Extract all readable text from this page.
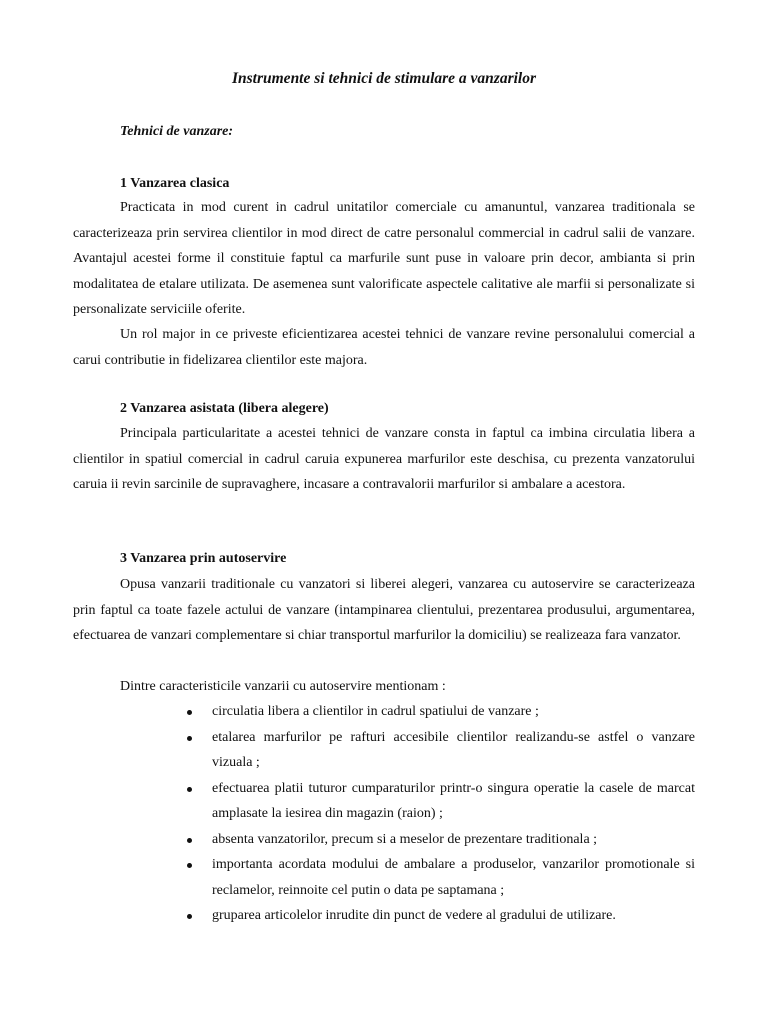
Instrumente si tehnici de stimulare a vanzarilor
Tehnici de vanzare:
1 Vanzarea clasica

Practicata in mod curent in cadrul unitatilor comerciale cu amanuntul, vanzarea traditionala se caracterizeaza prin servirea clientilor in mod direct de catre personalul commercial in cadrul salii de vanzare. Avantajul acestei forme il constituie faptul ca marfurile sunt puse in valoare prin decor, ambianta si prin modalitatea de etalare utilizata. De asemenea sunt valorificate aspectele calitative ale marfii si personalizate si personalizate serviciile oferite.

Un rol major in ce priveste eficientizarea acestei tehnici de vanzare revine personalului comercial a carui contributie in fidelizarea clientilor este majora.

2 Vanzarea asistata (libera alegere)

Principala particularitate a acestei tehnici de vanzare consta in faptul ca imbina circulatia libera a clientilor in spatiul comercial in cadrul caruia expunerea marfurilor este deschisa, cu prezenta vanzatorului caruia ii revin sarcinile de supravaghere, incasare a contravalorii marfurilor si ambalare a acestora.

3 Vanzarea prin autoservire

Opusa vanzarii traditionale cu vanzatori si liberei alegeri, vanzarea cu autoservire se caracterizeaza prin faptul ca toate fazele actului de vanzare (intampinarea clientului, prezentarea produsului, argumentarea, efectuarea de vanzari complementare si chiar transportul marfurilor la domiciliu) se realizeaza fara vanzator.

Dintre caracteristicile vanzarii cu autoservire mentionam :
circulatia libera a clientilor in cadrul spatiului de vanzare ;
etalarea marfurilor pe rafturi accesibile clientilor realizandu-se astfel o vanzare vizuala ;
efectuarea platii tuturor cumparaturilor printr-o singura operatie la casele de marcat amplasate la iesirea din magazin (raion) ;
absenta vanzatorilor, precum si a meselor de prezentare traditionala ;
importanta acordata modului de ambalare a produselor, vanzarilor promotionale si reclamelor, reinnoite cel putin o data pe saptamana ;
gruparea articolelor inrudite din punct de vedere al gradului de utilizare.
